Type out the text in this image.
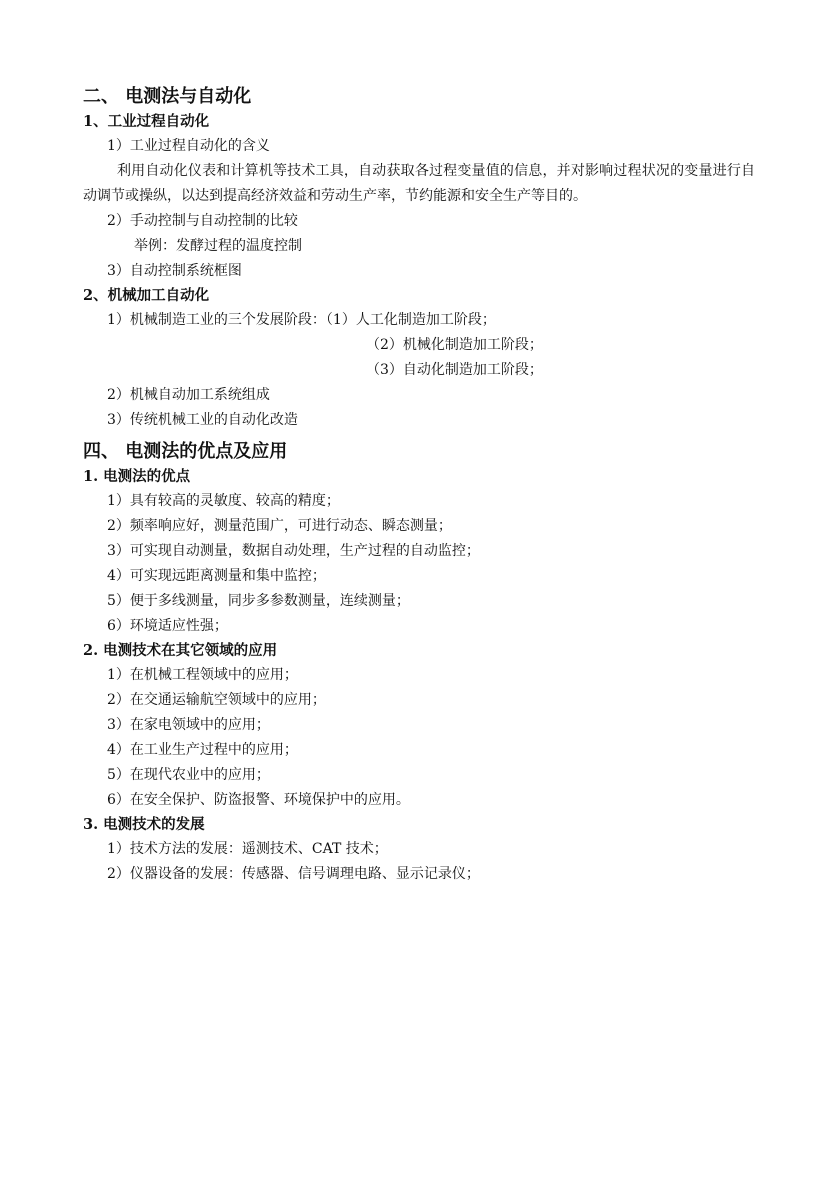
二、 电测法与自动化
1、工业过程自动化
1）工业过程自动化的含义

利用自动化仪表和计算机等技术工具，自动获取各过程变量值的信息，并对影响过程状况的变量进行自动调节或操纵，以达到提高经济效益和劳动生产率，节约能源和安全生产等目的。

2）手动控制与自动控制的比较
举例：发酵过程的温度控制
3）自动控制系统框图
2、机械加工自动化
1）机械制造工业的三个发展阶段：（1）人工化制造加工阶段；
（2）机械化制造加工阶段；
（3）自动化制造加工阶段；
2）机械自动加工系统组成
3）传统机械工业的自动化改造
四、 电测法的优点及应用
1. 电测法的优点
1）具有较高的灵敏度、较高的精度；
2）频率响应好，测量范围广，可进行动态、瞬态测量；
3）可实现自动测量，数据自动处理，生产过程的自动监控；
4）可实现远距离测量和集中监控；
5）便于多线测量，同步多参数测量，连续测量；
6）环境适应性强；
2. 电测技术在其它领域的应用
1）在机械工程领域中的应用；
2）在交通运输航空领域中的应用；
3）在家电领域中的应用；
4）在工业生产过程中的应用；
5）在现代农业中的应用；
6）在安全保护、防盗报警、环境保护中的应用。
3. 电测技术的发展
1）技术方法的发展：遥测技术、CAT 技术；
2）仪器设备的发展：传感器、信号调理电路、显示记录仪；
